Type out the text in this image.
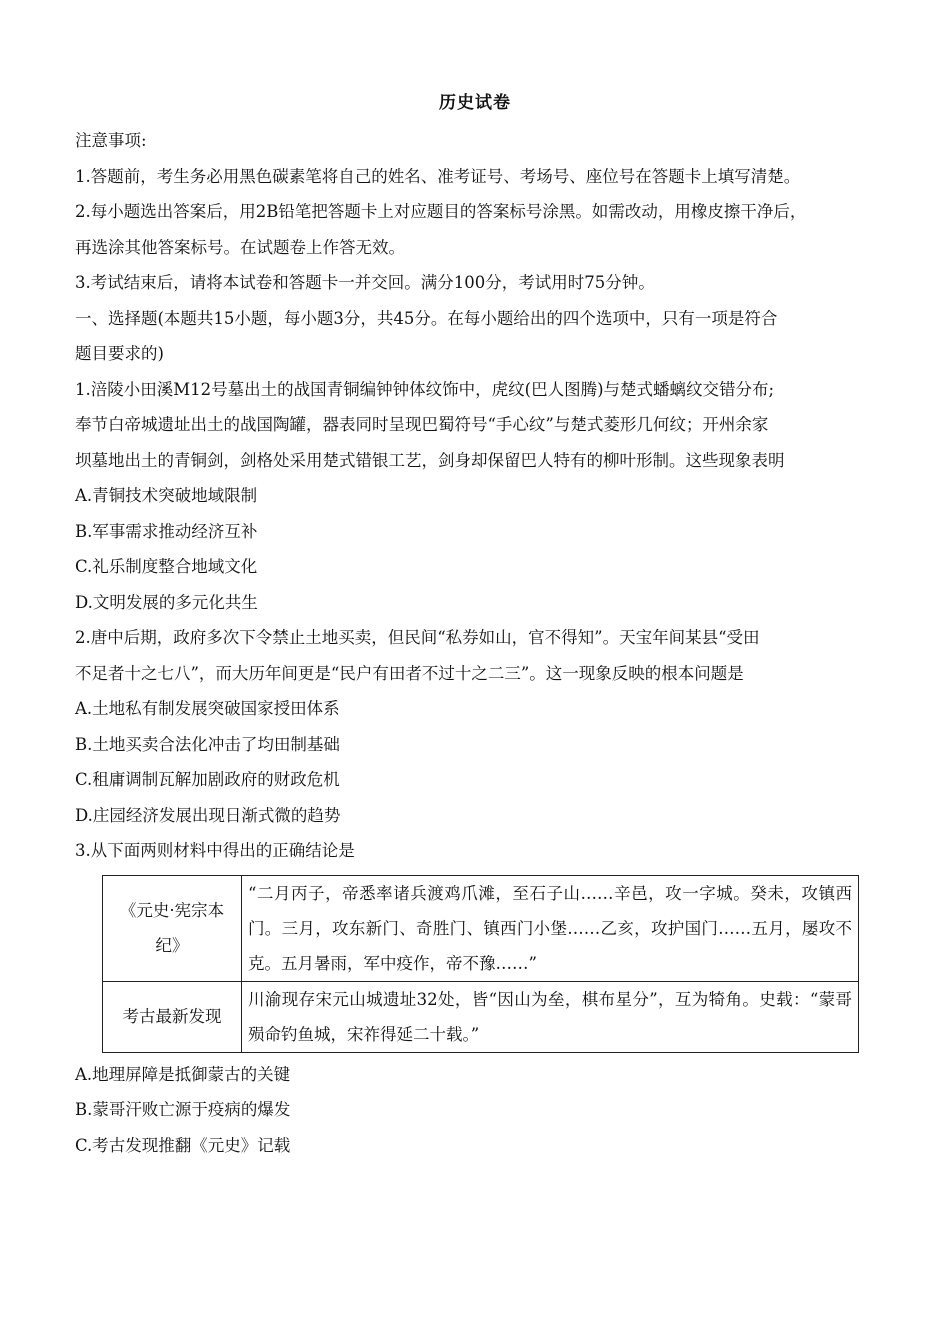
历史试卷
注意事项:
1.答题前，考生务必用黑色碳素笔将自己的姓名、准考证号、考场号、座位号在答题卡上填写清楚。
2.每小题选出答案后，用2B铅笔把答题卡上对应题目的答案标号涂黑。如需改动，用橡皮擦干净后，
再选涂其他答案标号。在试题卷上作答无效。
3.考试结束后，请将本试卷和答题卡一并交回。满分100分，考试用时75分钟。
一、选择题(本题共15小题，每小题3分，共45分。在每小题给出的四个选项中，只有一项是符合
题目要求的)
1.涪陵小田溪M12号墓出土的战国青铜编钟钟体纹饰中，虎纹(巴人图腾)与楚式蟠螭纹交错分布;
奉节白帝城遗址出土的战国陶罐，器表同时呈现巴蜀符号“手心纹”与楚式菱形几何纹；开州余家
坝墓地出土的青铜剑，剑格处采用楚式错银工艺，剑身却保留巴人特有的柳叶形制。这些现象表明
A.青铜技术突破地域限制
B.军事需求推动经济互补
C.礼乐制度整合地域文化
D.文明发展的多元化共生
2.唐中后期，政府多次下令禁止土地买卖，但民间“私券如山，官不得知”。天宝年间某县“受田
不足者十之七八”，而大历年间更是“民户有田者不过十之二三”。这一现象反映的根本问题是
A.土地私有制发展突破国家授田体系
B.土地买卖合法化冲击了均田制基础
C.租庸调制瓦解加剧政府的财政危机
D.庄园经济发展出现日渐式微的趋势
3.从下面两则材料中得出的正确结论是
《元史·宪宗本纪》	“二月丙子，帝悉率诸兵渡鸡爪滩，至石子山……辛邑，攻一字城。癸未，攻镇西门。三月，攻东新门、奇胜门、镇西门小堡……乙亥，攻护国门……五月，屡攻不克。五月暑雨，军中疫作，帝不豫……”
考古最新发现	川渝现存宋元山城遗址32处，皆“因山为垒，棋布星分”，互为犄角。史载：“蒙哥殒命钓鱼城，宋祚得延二十载。”
A.地理屏障是抵御蒙古的关键
B.蒙哥汗败亡源于疫病的爆发
C.考古发现推翻《元史》记载
